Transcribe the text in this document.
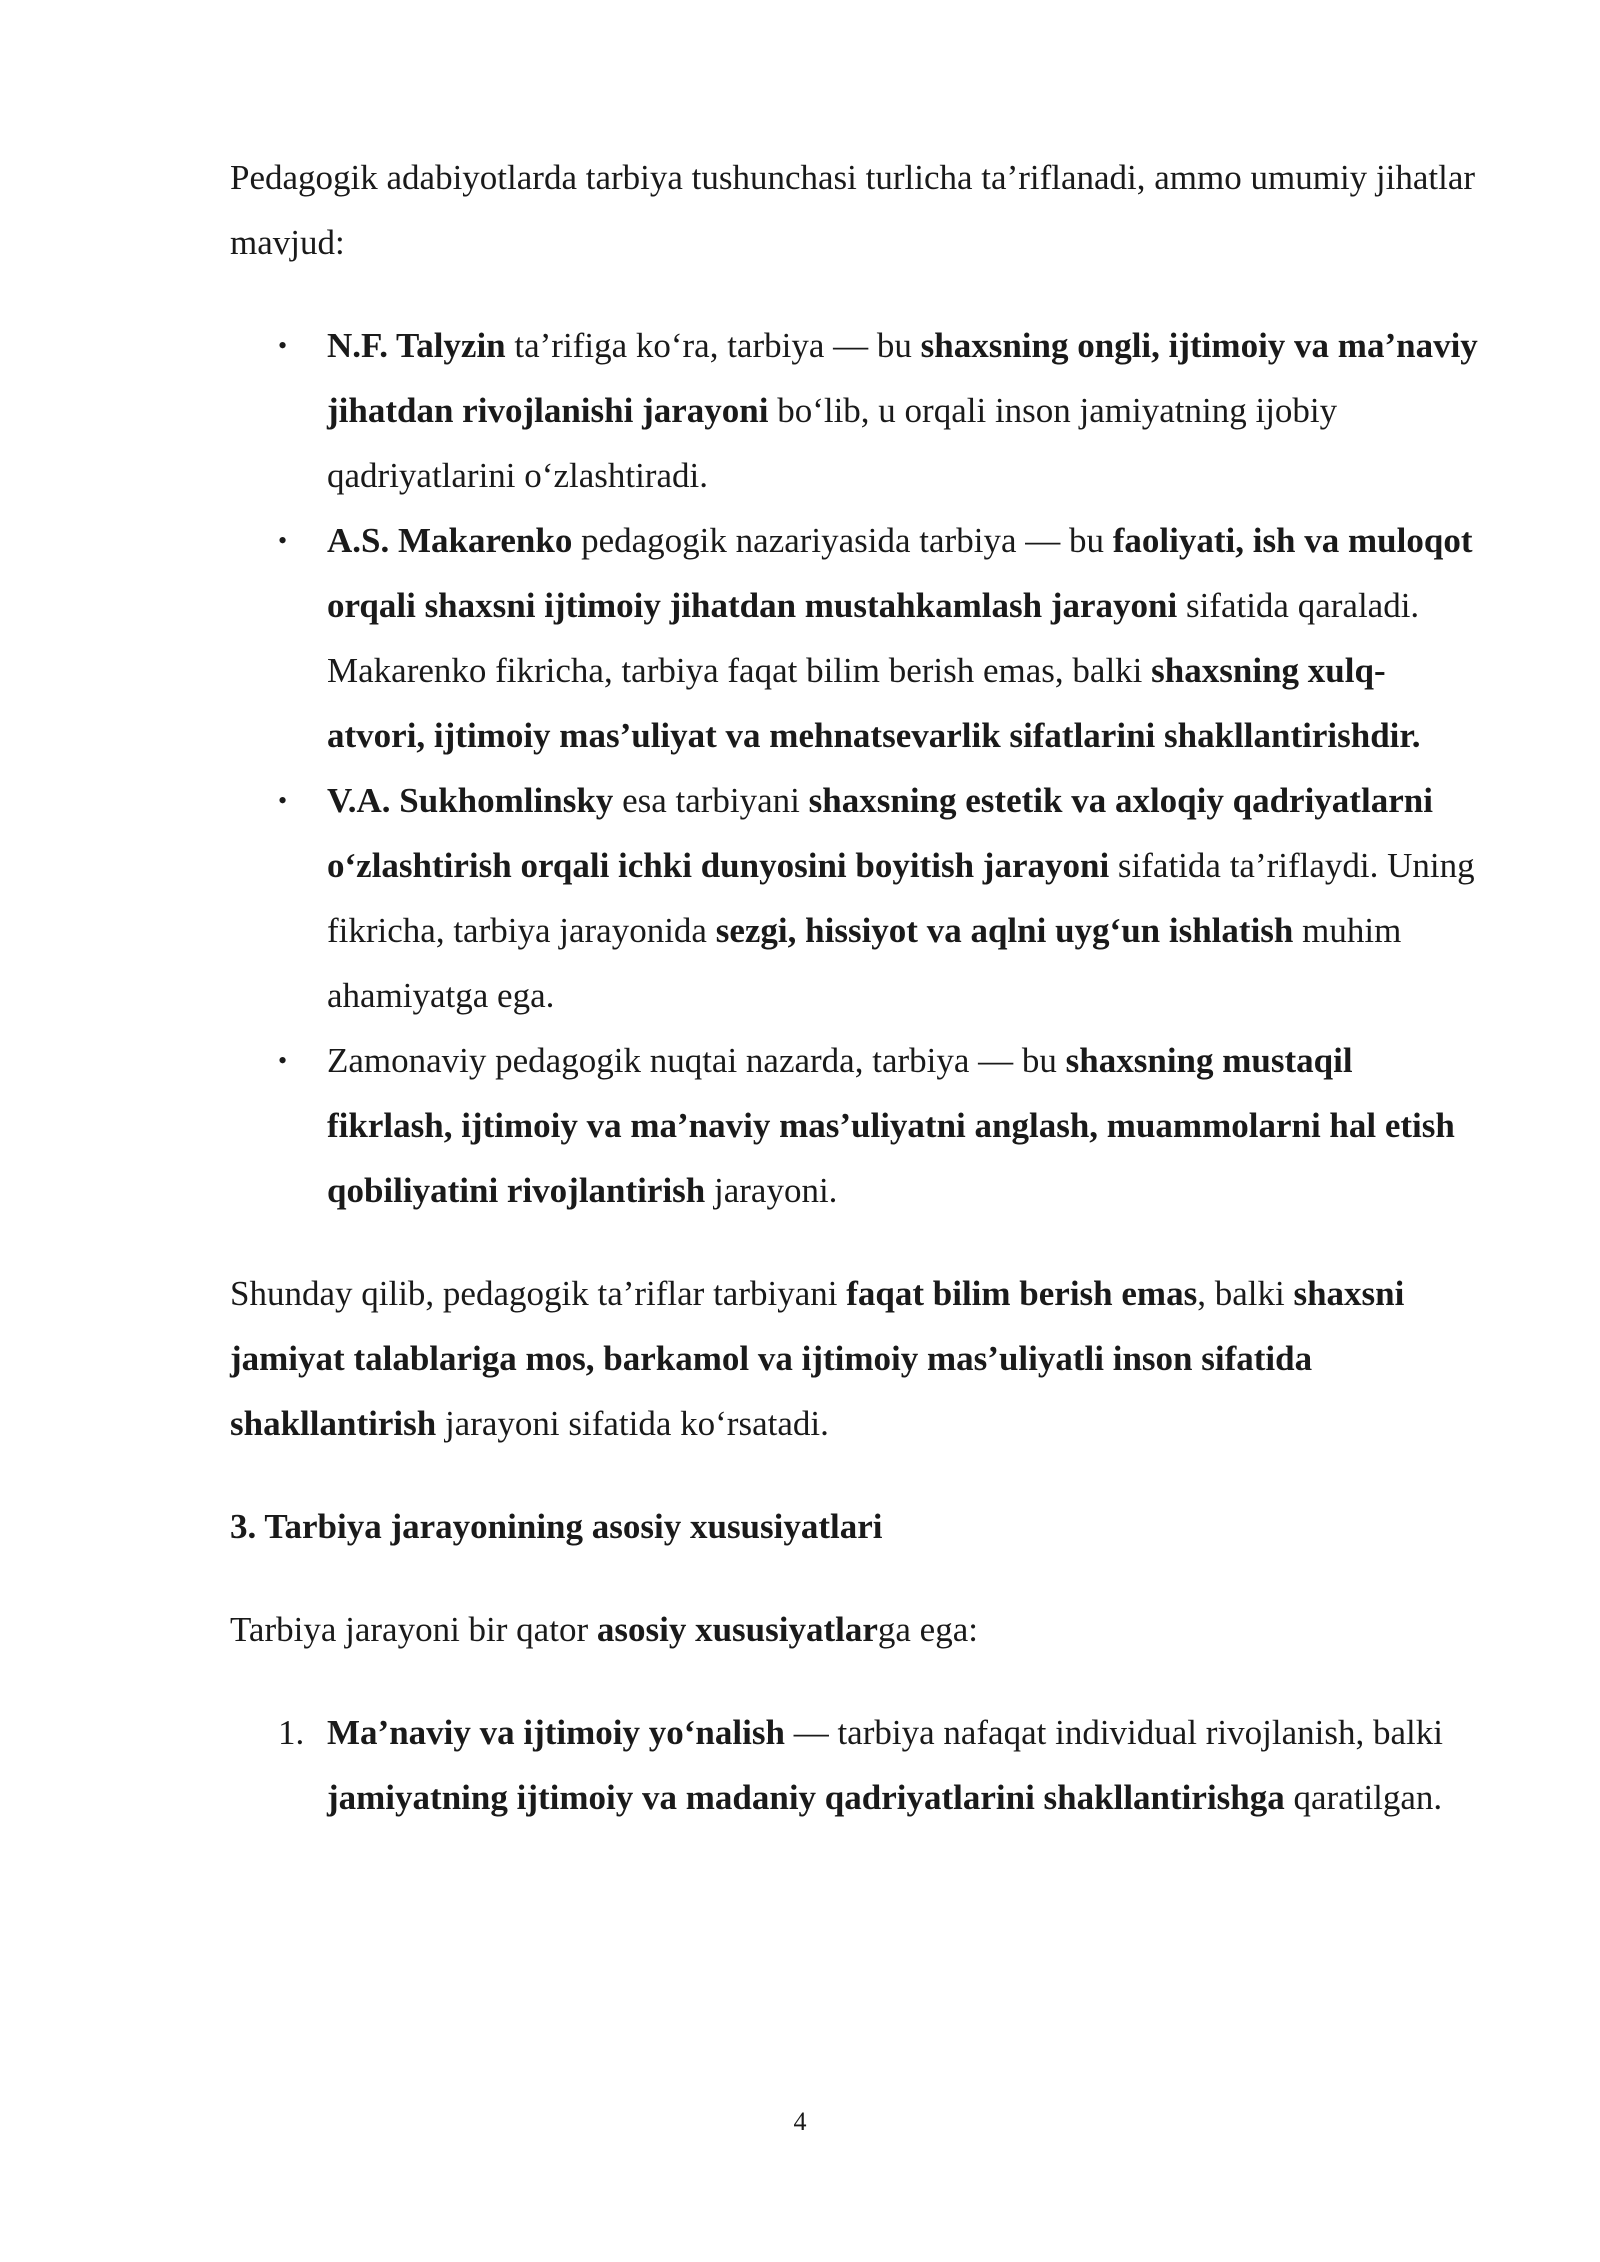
Pedagogik adabiyotlarda tarbiya tushunchasi turlicha ta’riflanadi, ammo umumiy jihatlar mavjud:

• N.F. Talyzin ta’rifiga ko‘ra, tarbiya — bu shaxsning ongli, ijtimoiy va ma’naviy jihatdan rivojlanishi jarayoni bo‘lib, u orqali inson jamiyatning ijobiy qadriyatlarini o‘zlashtiradi.
• A.S. Makarenko pedagogik nazariyasida tarbiya — bu faoliyati, ish va muloqot orqali shaxsni ijtimoiy jihatdan mustahkamlash jarayoni sifatida qaraladi. Makarenko fikricha, tarbiya faqat bilim berish emas, balki shaxsning xulq-atvori, ijtimoiy mas’uliyat va mehnatsevarlik sifatlarini shakllantirishdir.
• V.A. Sukhomlinsky esa tarbiyani shaxsning estetik va axloqiy qadriyatlarni o‘zlashtirish orqali ichki dunyosini boyitish jarayoni sifatida ta’riflaydi. Uning fikricha, tarbiya jarayonida sezgi, hissiyot va aqlni uyg‘un ishlatish muhim ahamiyatga ega.
• Zamonaviy pedagogik nuqtai nazarda, tarbiya — bu shaxsning mustaqil fikrlash, ijtimoiy va ma’naviy mas’uliyatni anglash, muammolarni hal etish qobiliyatini rivojlantirish jarayoni.

Shunday qilib, pedagogik ta’riflar tarbiyani faqat bilim berish emas, balki shaxsni jamiyat talablariga mos, barkamol va ijtimoiy mas’uliyatli inson sifatida shakllantirish jarayoni sifatida ko‘rsatadi.

3. Tarbiya jarayonining asosiy xususiyatlari

Tarbiya jarayoni bir qator asosiy xususiyatlarga ega:

1. Ma’naviy va ijtimoiy yo‘nalish — tarbiya nafaqat individual rivojlanish, balki jamiyatning ijtimoiy va madaniy qadriyatlarini shakllantirishga qaratilgan.
4
